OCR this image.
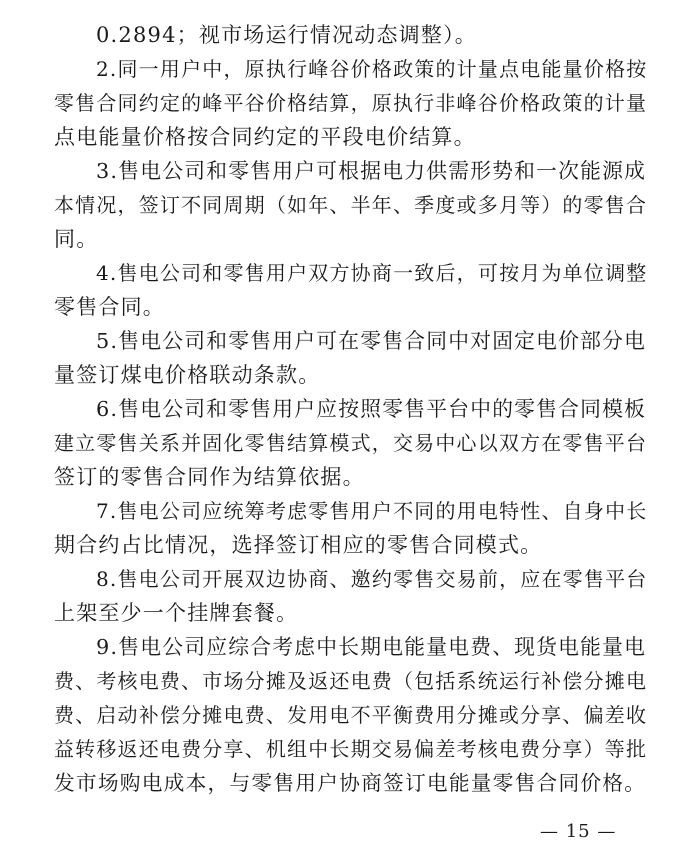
0.2894；视市场运行情况动态调整）。
2.同一用户中，原执行峰谷价格政策的计量点电能量价格按
零售合同约定的峰平谷价格结算，原执行非峰谷价格政策的计量
点电能量价格按合同约定的平段电价结算。
3.售电公司和零售用户可根据电力供需形势和一次能源成
本情况，签订不同周期（如年、半年、季度或多月等）的零售合
同。
4.售电公司和零售用户双方协商一致后，可按月为单位调整
零售合同。
5.售电公司和零售用户可在零售合同中对固定电价部分电
量签订煤电价格联动条款。
6.售电公司和零售用户应按照零售平台中的零售合同模板
建立零售关系并固化零售结算模式，交易中心以双方在零售平台
签订的零售合同作为结算依据。
7.售电公司应统筹考虑零售用户不同的用电特性、自身中长
期合约占比情况，选择签订相应的零售合同模式。
8.售电公司开展双边协商、邀约零售交易前，应在零售平台
上架至少一个挂牌套餐。
9.售电公司应综合考虑中长期电能量电费、现货电能量电
费、考核电费、市场分摊及返还电费（包括系统运行补偿分摊电
费、启动补偿分摊电费、发用电不平衡费用分摊或分享、偏差收
益转移返还电费分享、机组中长期交易偏差考核电费分享）等批
发市场购电成本，与零售用户协商签订电能量零售合同价格。
— 15 —
